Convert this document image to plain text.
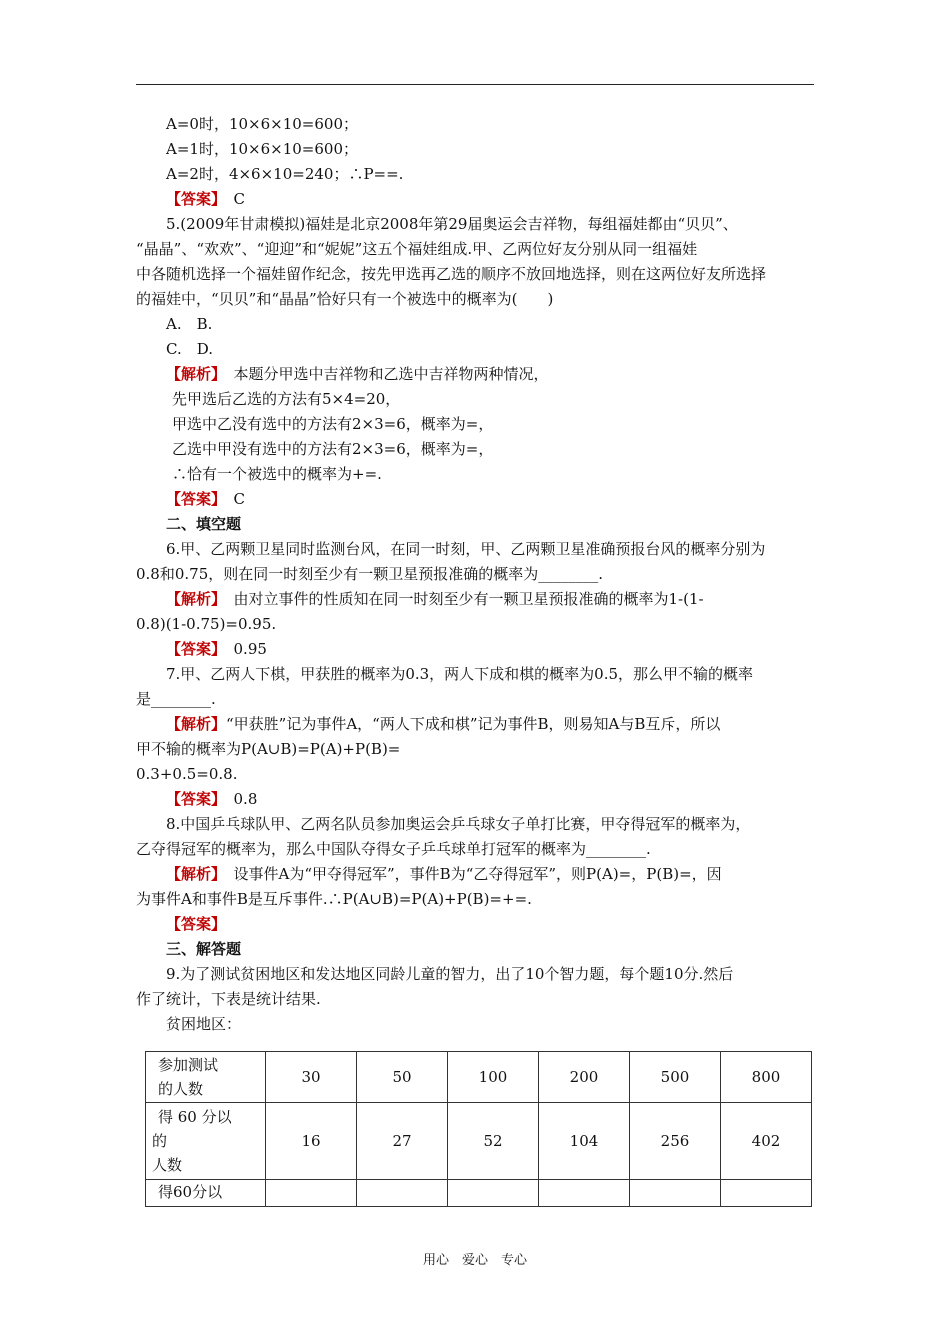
A=0时，10×6×10=600；
A=1时，10×6×10=600；
A=2时，4×6×10=240；∴P==.
【答案】　C
5.(2009年甘肃模拟)福娃是北京2008年第29届奥运会吉祥物，每组福娃都由“贝贝”、
“晶晶”、“欢欢”、“迎迎”和“妮妮”这五个福娃组成.甲、乙两位好友分别从同一组福娃
中各随机选择一个福娃留作纪念，按先甲选再乙选的顺序不放回地选择，则在这两位好友所选择
的福娃中，“贝贝”和“晶晶”恰好只有一个被选中的概率为(　　)
A.　B.
C.　D.
【解析】　本题分甲选中吉祥物和乙选中吉祥物两种情况，
先甲选后乙选的方法有5×4=20，
甲选中乙没有选中的方法有2×3=6，概率为=，
乙选中甲没有选中的方法有2×3=6，概率为=，
∴恰有一个被选中的概率为+=.
【答案】　C
二、填空题
6.甲、乙两颗卫星同时监测台风，在同一时刻，甲、乙两颗卫星准确预报台风的概率分别为
0.8和0.75，则在同一时刻至少有一颗卫星预报准确的概率为________.
【解析】　由对立事件的性质知在同一时刻至少有一颗卫星预报准确的概率为1-(1-
0.8)(1-0.75)=0.95.
【答案】　0.95
7.甲、乙两人下棋，甲获胜的概率为0.3，两人下成和棋的概率为0.5，那么甲不输的概率
是________.
【解析】“甲获胜”记为事件A，“两人下成和棋”记为事件B，则易知A与B互斥，所以
甲不输的概率为P(A∪B)=P(A)+P(B)=
0.3+0.5=0.8.
【答案】　0.8
8.中国乒乓球队甲、乙两名队员参加奥运会乒乓球女子单打比赛，甲夺得冠军的概率为，
乙夺得冠军的概率为，那么中国队夺得女子乒乓球单打冠军的概率为________.
【解析】　设事件A为“甲夺得冠军”，事件B为“乙夺得冠军”，则P(A)=，P(B)=，因
为事件A和事件B是互斥事件.∴P(A∪B)=P(A)+P(B)=+=.
【答案】
三、解答题
9.为了测试贫困地区和发达地区同龄儿童的智力，出了10个智力题，每个题10分.然后
作了统计，下表是统计结果.
贫困地区：
参加测试
的人数	30	50	100	200	500	800

得 60 分以
的
人数	16	27	52	104	256	402

得60分以						

用心　爱心　专心
